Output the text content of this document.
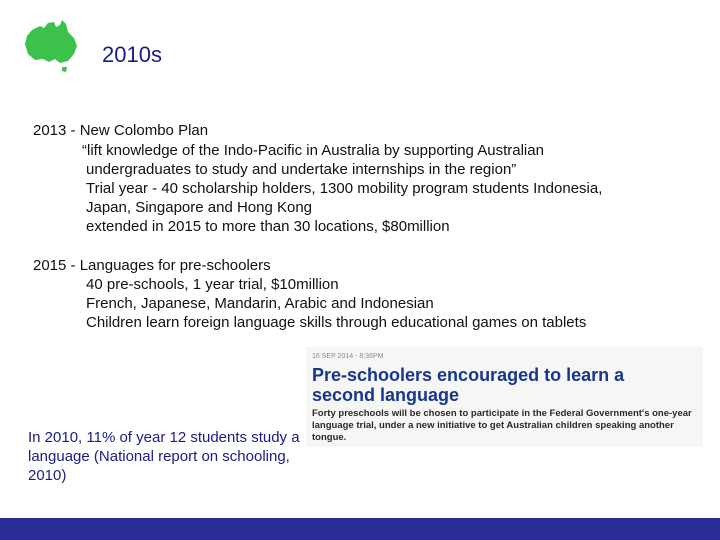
2010s
2013 - New Colombo Plan
“lift knowledge of the Indo-Pacific in Australia by supporting Australian
undergraduates to study and undertake internships in the region”
Trial year - 40 scholarship holders, 1300 mobility program students Indonesia,
Japan, Singapore and Hong Kong
extended in 2015 to more than 30 locations, $80million
2015 - Languages for pre-schoolers
40 pre-schools, 1 year trial, $10million
French, Japanese, Mandarin, Arabic and Indonesian
Children learn foreign language skills through educational games on tablets
16 SEP 2014 - 8:36PM
Pre-schoolers encouraged to learn a second language
Forty preschools will be chosen to participate in the Federal Government's one-year language trial, under a new initiative to get Australian children speaking another tongue.
In 2010, 11% of year 12 students study a language (National report on schooling, 2010)
